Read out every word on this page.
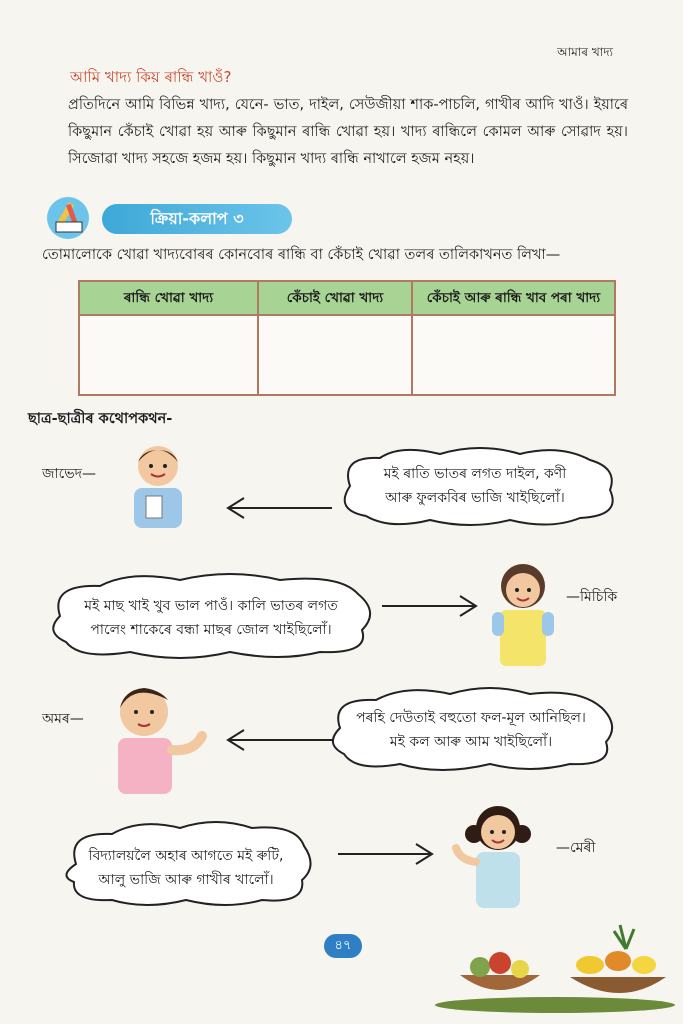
আমাৰ খাদ্য
আমি খাদ্য কিয় ৰান্ধি খাওঁ?

প্ৰতিদিনে আমি বিভিন্ন খাদ্য, যেনে- ভাত, দাইল, সেউজীয়া শাক-পাচলি, গাখীৰ আদি খাওঁ। ইয়াৰে কিছুমান কেঁচাই খোৱা হয় আৰু কিছুমান ৰান্ধি খোৱা হয়। খাদ্য ৰান্ধিলে কোমল আৰু সোৱাদ হয়। সিজোৱা খাদ্য সহজে হজম হয়। কিছুমান খাদ্য ৰান্ধি নাখালে হজম নহয়।

ক্ৰিয়া-কলাপ ৩
তোমালোকে খোৱা খাদ্যবোৰৰ কোনবোৰ ৰান্ধি বা কেঁচাই খোৱা তলৰ তালিকাখনত লিখা—
ৰান্ধি খোৱা খাদ্য	কেঁচাই খোৱা খাদ্য	কেঁচাই আৰু ৰান্ধি খাব পৰা খাদ্য

ছাত্ৰ-ছাত্ৰীৰ কথোপকথন-
জাভেদ—	মই ৰাতি ভাতৰ লগত দাইল, কণী
আৰু ফুলকবিৰ ভাজি খাইছিলোঁ।
মই মাছ খাই খুব ভাল পাওঁ। কালি ভাতৰ লগত
পালেং শাকেৰে বন্ধা মাছৰ জোল খাইছিলোঁ।
—মিচিকি
অমৰ—	পৰহি দেউতাই বহুতো ফল-মূল আনিছিল।
মই কল আৰু আম খাইছিলোঁ।
বিদ্যালয়লৈ অহাৰ আগতে মই ৰুটি,
আলু ভাজি আৰু গাখীৰ খালোঁ।
—মেৰী
৪৭
